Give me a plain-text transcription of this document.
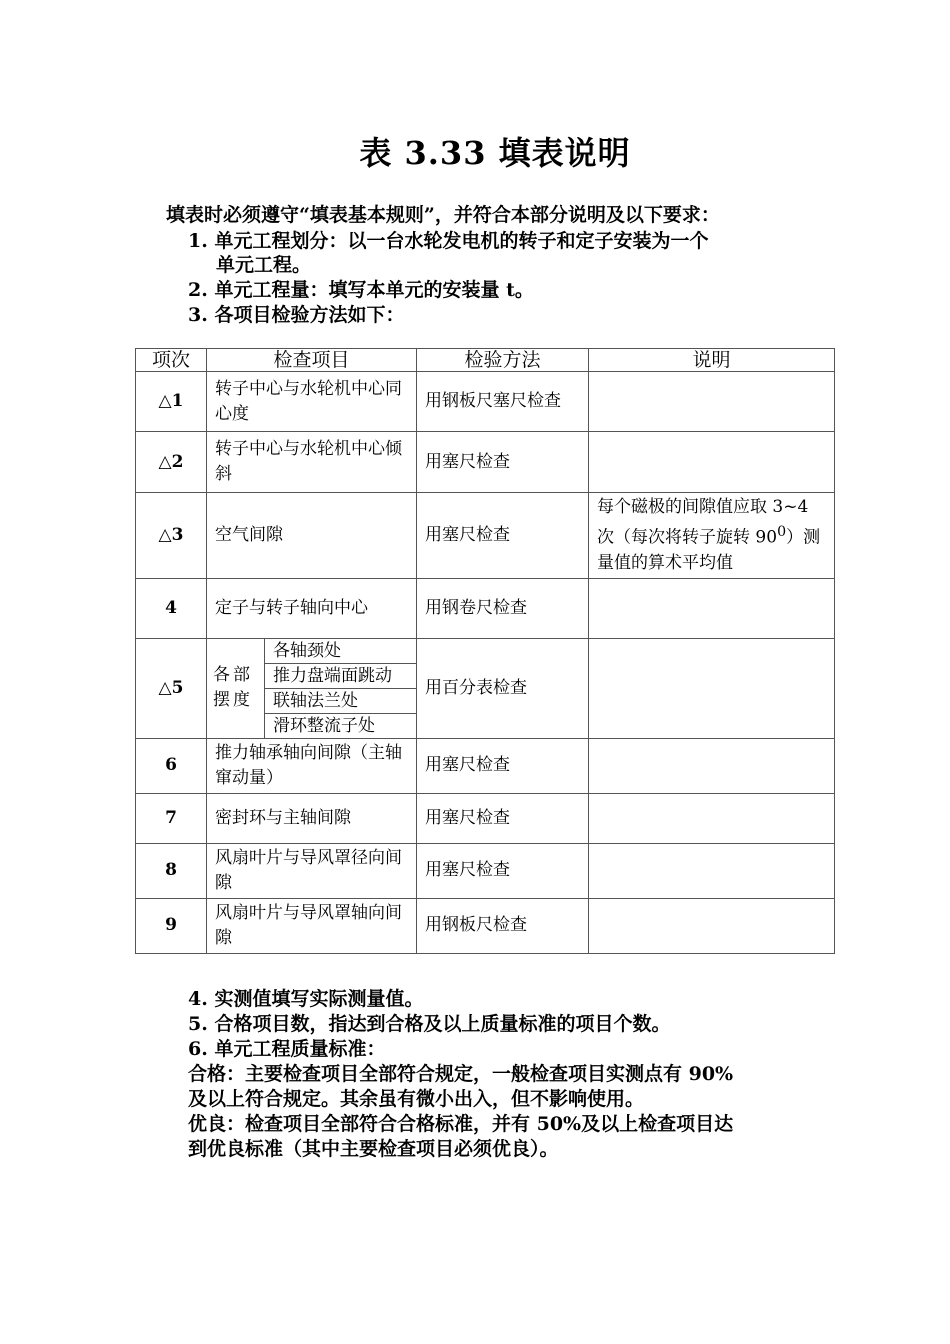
表 3.33 填表说明
填表时必须遵守“填表基本规则”，并符合本部分说明及以下要求：
1. 单元工程划分：以一台水轮发电机的转子和定子安装为一个
单元工程。
2. 单元工程量：填写本单元的安装量 t。
3. 各项目检验方法如下：
项次	检查项目		检验方法	说明
△1	转子中心与水轮机中心同心度		用钢板尺塞尺检查	
△2	转子中心与水轮机中心倾斜		用塞尺检查	
△3	空气间隙		用塞尺检查	每个磁极的间隙值应取 3~4 次（每次将转子旋转 $90^0$）测量值的算术平均值
4	定子与转子轴向中心		用钢卷尺检查	
△5	各部摆度	各轴颈处	用百分表检查	
		推力盘端面跳动		
		联轴法兰处		
		滑环整流子处		
6	推力轴承轴向间隙（主轴窜动量）		用塞尺检查	
7	密封环与主轴间隙		用塞尺检查	
8	风扇叶片与导风罩径向间隙		用塞尺检查	
9	风扇叶片与导风罩轴向间隙		用钢板尺检查	
4. 实测值填写实际测量值。
5. 合格项目数，指达到合格及以上质量标准的项目个数。
6. 单元工程质量标准：
合格：主要检查项目全部符合规定，一般检查项目实测点有 90%
及以上符合规定。其余虽有微小出入，但不影响使用。
优良：检查项目全部符合合格标准，并有 50%及以上检查项目达
到优良标准（其中主要检查项目必须优良）。
